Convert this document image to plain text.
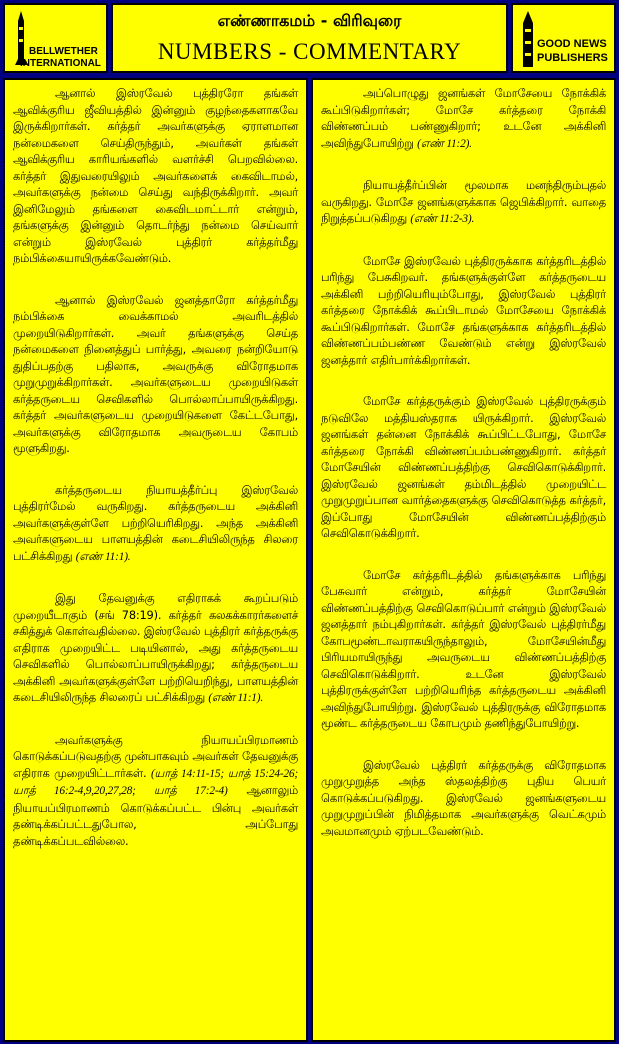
BELLWETHER
INTERNATIONAL
எண்ணாகமம் - விரிவுரை
NUMBERS - COMMENTARY	GOOD NEWS
PUBLISHERS

ஆனால் இஸ்ரவேல் புத்திரரோ தங்கள் ஆவிக்குரிய ஜீவியத்தில் இன்னும் குழந்தைகளாகவே இருக்கிறார்கள். கர்த்தர் அவர்களுக்கு ஏராளமான நன்மைகளை செய்திருந்தும், அவர்கள் தங்கள் ஆவிக்குரிய காரியங்களில் வளர்ச்சி பெறவில்லை. கர்த்தர் இதுவரையிலும் அவர்களைக் கைவிடாமல், அவர்களுக்கு நன்மை செய்து வந்திருக்கிறார். அவர் இனிமேலும் தங்களை கைவிடமாட்டார் என்றும், தங்களுக்கு இன்னும் தொடர்ந்து நன்மை செய்வார் என்றும் இஸ்ரவேல் புத்திரர் கர்த்தர்மீது நம்பிக்கையாயிருக்கவேண்டும்.

ஆனால் இஸ்ரவேல் ஜனத்தாரோ கர்த்தர்மீது நம்பிக்கை வைக்காமல் அவரிடத்தில் முறையிடுகிறார்கள். அவர் தங்களுக்கு செய்த நன்மைகளை நினைத்துப் பார்த்து, அவரை நன்றியோடு துதிப்பதற்கு பதிலாக, அவருக்கு விரோதமாக முறுமுறுக்கிறார்கள். அவர்களுடைய முறையிடுகள் கர்த்தருடைய செவிகளில் பொல்லாப்பாயிருக்கிறது. கர்த்தர் அவர்களுடைய முறையிடுகளை கேட்டபோது, அவர்களுக்கு விரோதமாக அவருடைய கோபம் மூளுகிறது.

கர்த்தருடைய நியாயத்தீர்ப்பு இஸ்ரவேல் புத்திரர்மேல் வருகிறது. கர்த்தருடைய அக்கினி அவர்களுக்குள்ளே பற்றியெரிகிறது. அந்த அக்கினி அவர்களுடைய பாளயத்தின் கடைசியிலிருந்த சிலரை பட்சிக்கிறது (எண் 11:1).

இது தேவனுக்கு எதிராகக் கூறப்படும் முறையீடாகும் (சங் 78:19). கர்த்தர் கலகக்காரர்களைச் சகித்துக் கொள்வதில்லை. இஸ்ரவேல் புத்திரர் கர்த்தருக்கு எதிராக முறையிட்ட படியினால், அது கர்த்தருடைய செவிகளில் பொல்லாப்பாயிருக்கிறது; கர்த்தருடைய அக்கினி அவர்களுக்குள்ளே பற்றியெறிந்து, பாளயத்தின் கடைசியிலிருந்த சிலரைப் பட்சிக்கிறது (எண் 11:1).

அவர்களுக்கு நியாயப்பிரமாணம் கொடுக்கப்படுவதற்கு முன்பாகவும் அவர்கள் தேவனுக்கு எதிராக முறையிட்டார்கள். (யாத் 14:11-15; யாத் 15:24-26; யாத் 16:2-4,9,20,27,28; யாத் 17:2-4) ஆனாலும் நியாயப்பிரமாணம் கொடுக்கப்பட்ட பின்பு அவர்கள் தண்டிக்கப்பட்டதுபோல, அப்போது தண்டிக்கப்படவில்லை.

அப்பொழுது ஜனங்கள் மோசேயை நோக்கிக் கூப்பிடுகிறார்கள்; மோசே கர்த்தரை நோக்கி விண்ணப்பம் பண்ணுகிறார்; உடனே அக்கினி அவிந்துபோயிற்று (எண் 11:2).

நியாயத்தீர்ப்பின் மூலமாக மனந்திரும்புதல் வருகிறது. மோசே ஜனங்களுக்காக ஜெபிக்கிறார். வாதை நிறுத்தப்படுகிறது (எண் 11:2-3).

மோசே இஸ்ரவேல் புத்திரருக்காக கர்த்தரிடத்தில் பரிந்து பேசுகிறவர். தங்களுக்குள்ளே கர்த்தருடைய அக்கினி பற்றியெரியும்போது, இஸ்ரவேல் புத்திரர் கர்த்தரை நோக்கிக் கூப்பிடாமல் மோசேயை நோக்கிக் கூப்பிடுகிறார்கள். மோசே தங்களுக்காக கர்த்தரிடத்தில் விண்ணப்பம்பண்ண வேண்டும் என்று இஸ்ரவேல் ஜனத்தார் எதிர்பார்க்கிறார்கள்.

மோசே கர்த்தருக்கும் இஸ்ரவேல் புத்திரருக்கும் நடுவிலே மத்தியஸ்தராக யிருக்கிறார். இஸ்ரவேல் ஜனங்கள் தன்னை நோக்கிக் கூப்பிட்டபோது, மோசே கர்த்தரை நோக்கி விண்ணப்பம்பண்ணுகிறார். கர்த்தர் மோசேயின் விண்ணப்பத்திற்கு செவிகொடுக்கிறார். இஸ்ரவேல் ஜனங்கள் தம்மிடத்தில் முறையிட்ட முறுமுறுப்பான வார்த்தைகளுக்கு செவிகொடுத்த கர்த்தர், இப்போது மோசேயின் விண்ணப்பத்திற்கும் செவிகொடுக்கிறார்.

மோசே கர்த்தரிடத்தில் தங்களுக்காக பரிந்து பேசுவார் என்றும், கர்த்தர் மோசேயின் விண்ணப்பத்திற்கு செவிகொடுப்பார் என்றும் இஸ்ரவேல் ஜனத்தார் நம்புகிறார்கள். கர்த்தர் இஸ்ரவேல் புத்திரர்மீது கோபமூண்டாவராகயிருந்தாலும், மோசேயின்மீது பிரியமாயிருந்து அவருடைய விண்ணப்பத்திற்கு செவிகொடுக்கிறார். உடனே இஸ்ரவேல் புத்திரருக்குள்ளே பற்றியெரிந்த கர்த்தருடைய அக்கினி அவிந்துபோயிற்று. இஸ்ரவேல் புத்திரருக்கு விரோதமாக மூண்ட கர்த்தருடைய கோபமும் தணிந்துபோயிற்று.

இஸ்ரவேல் புத்திரர் கர்த்தருக்கு விரோதமாக முறுமுறுத்த அந்த ஸ்தலத்திற்கு புதிய பெயர் கொடுக்கப்படுகிறது. இஸ்ரவேல் ஜனங்களுடைய முறுமுறுப்பின் நிமித்தமாக அவர்களுக்கு வெட்கமும் அவமானமும் ஏற்படவேண்டும்.
